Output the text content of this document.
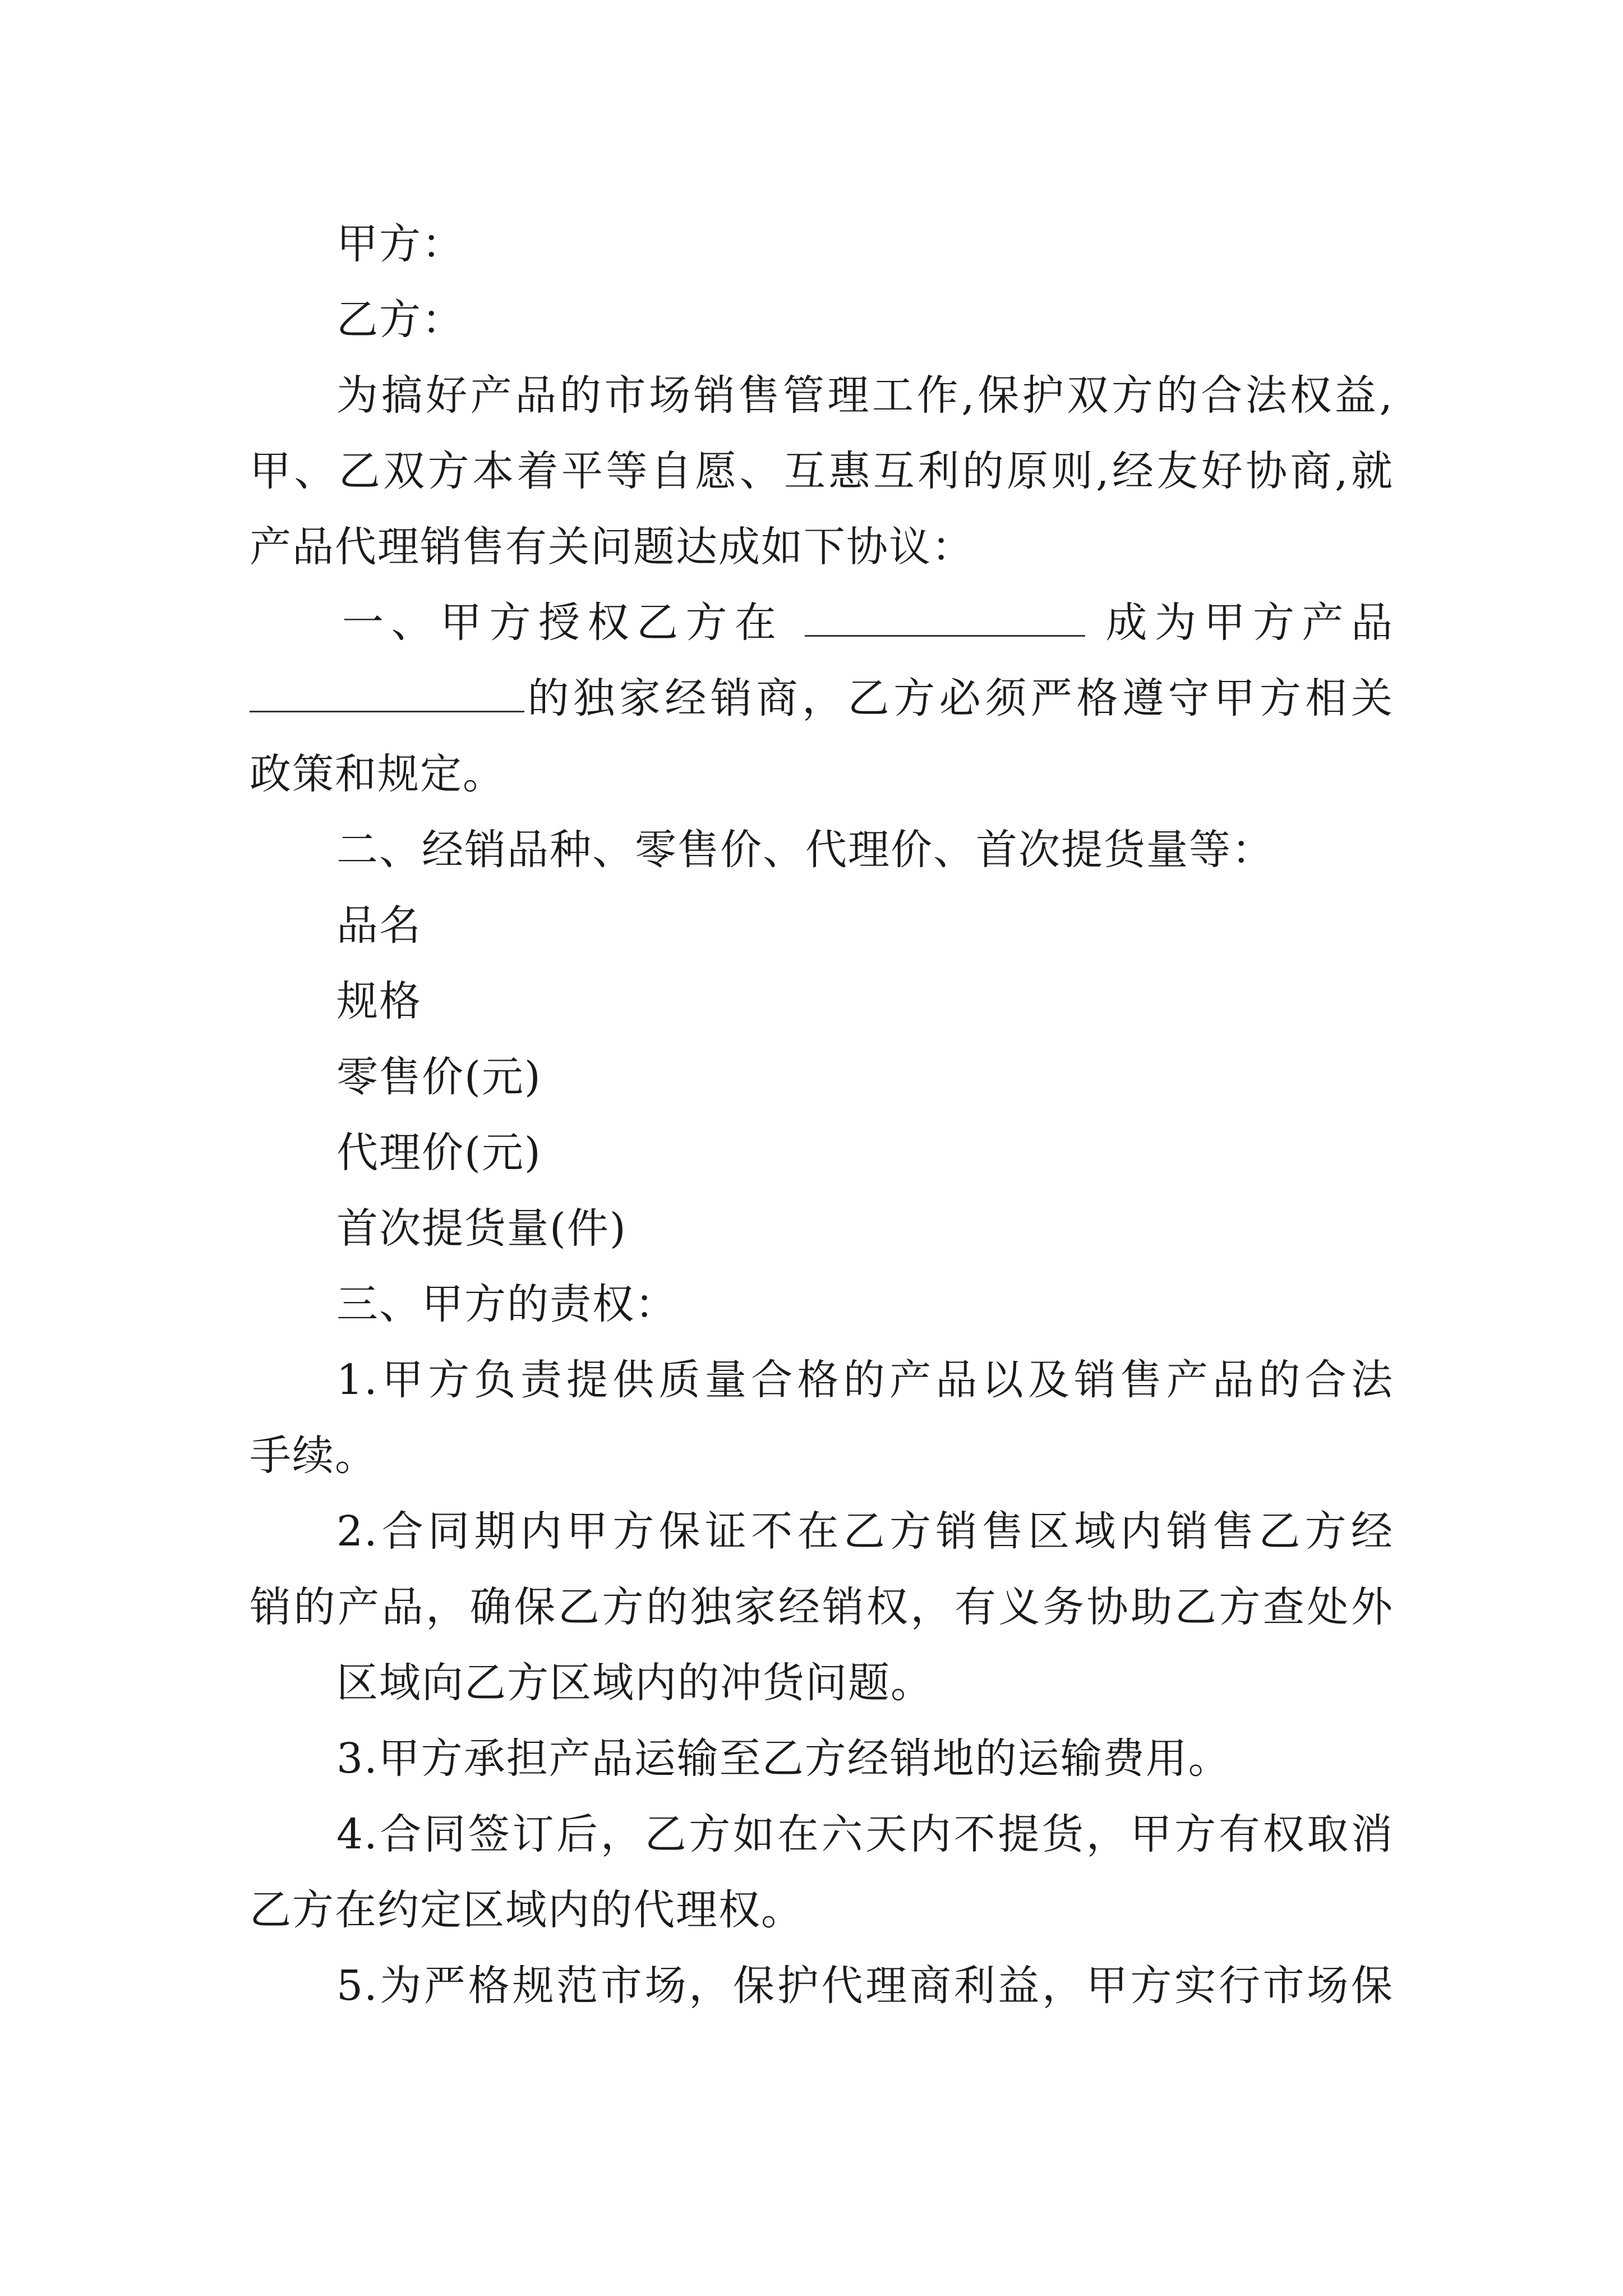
甲方：
乙方：
为搞好产品的市场销售管理工作,保护双方的合法权益,
甲、乙双方本着平等自愿、互惠互利的原则,经友好协商,就
产品代理销售有关问题达成如下协议：
一、甲方授权乙方在	成为甲方产品
的独家经销商，乙方必须严格遵守甲方相关
政策和规定。
二、经销品种、零售价、代理价、首次提货量等：
品名
规格
零售价(元)
代理价(元)
首次提货量(件)
三、甲方的责权：
1.甲方负责提供质量合格的产品以及销售产品的合法
手续。
2.合同期内甲方保证不在乙方销售区域内销售乙方经
销的产品，确保乙方的独家经销权，有义务协助乙方查处外
区域向乙方区域内的冲货问题。
3.甲方承担产品运输至乙方经销地的运输费用。
4.合同签订后，乙方如在六天内不提货，甲方有权取消
乙方在约定区域内的代理权。
5.为严格规范市场，保护代理商利益，甲方实行市场保
